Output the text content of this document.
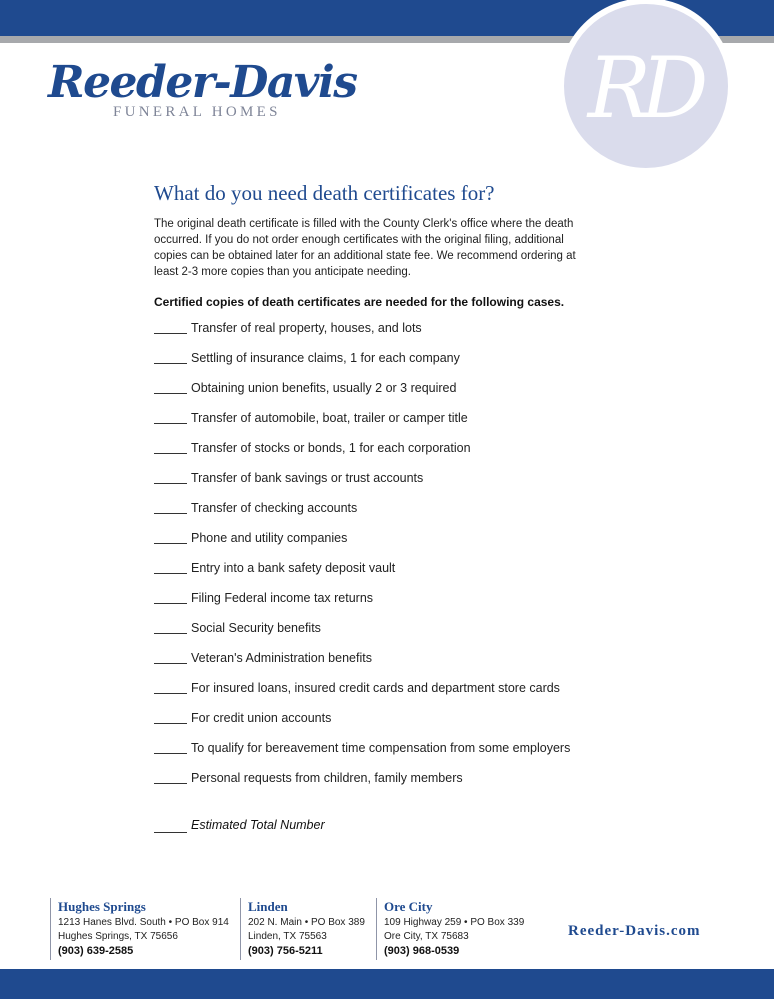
RD
Reeder-Davis
FUNERAL HOMES
What do you need death certificates for?

The original death certificate is filled with the County Clerk's office where the death occurred. If you do not order enough certificates with the original filing, additional copies can be obtained later for an additional state fee. We recommend ordering at least 2-3 more copies than you anticipate needing.

Certified copies of death certificates are needed for the following cases.
Transfer of real property, houses, and lots
Settling of insurance claims, 1 for each company
Obtaining union benefits, usually 2 or 3 required
Transfer of automobile, boat, trailer or camper title
Transfer of stocks or bonds, 1 for each corporation
Transfer of bank savings or trust accounts
Transfer of checking accounts
Phone and utility companies
Entry into a bank safety deposit vault
Filing Federal income tax returns
Social Security benefits
Veteran's Administration benefits
For insured loans, insured credit cards and department store cards
For credit union accounts
To qualify for bereavement time compensation from some employers
Personal requests from children, family members
Estimated Total Number
Hughes Springs
1213 Hanes Blvd. South • PO Box 914
Hughes Springs, TX 75656
(903) 639-2585
Linden
202 N. Main • PO Box 389
Linden, TX 75563
(903) 756-5211
Ore City
109 Highway 259 • PO Box 339
Ore City, TX 75683
(903) 968-0539
Reeder-Davis.com
